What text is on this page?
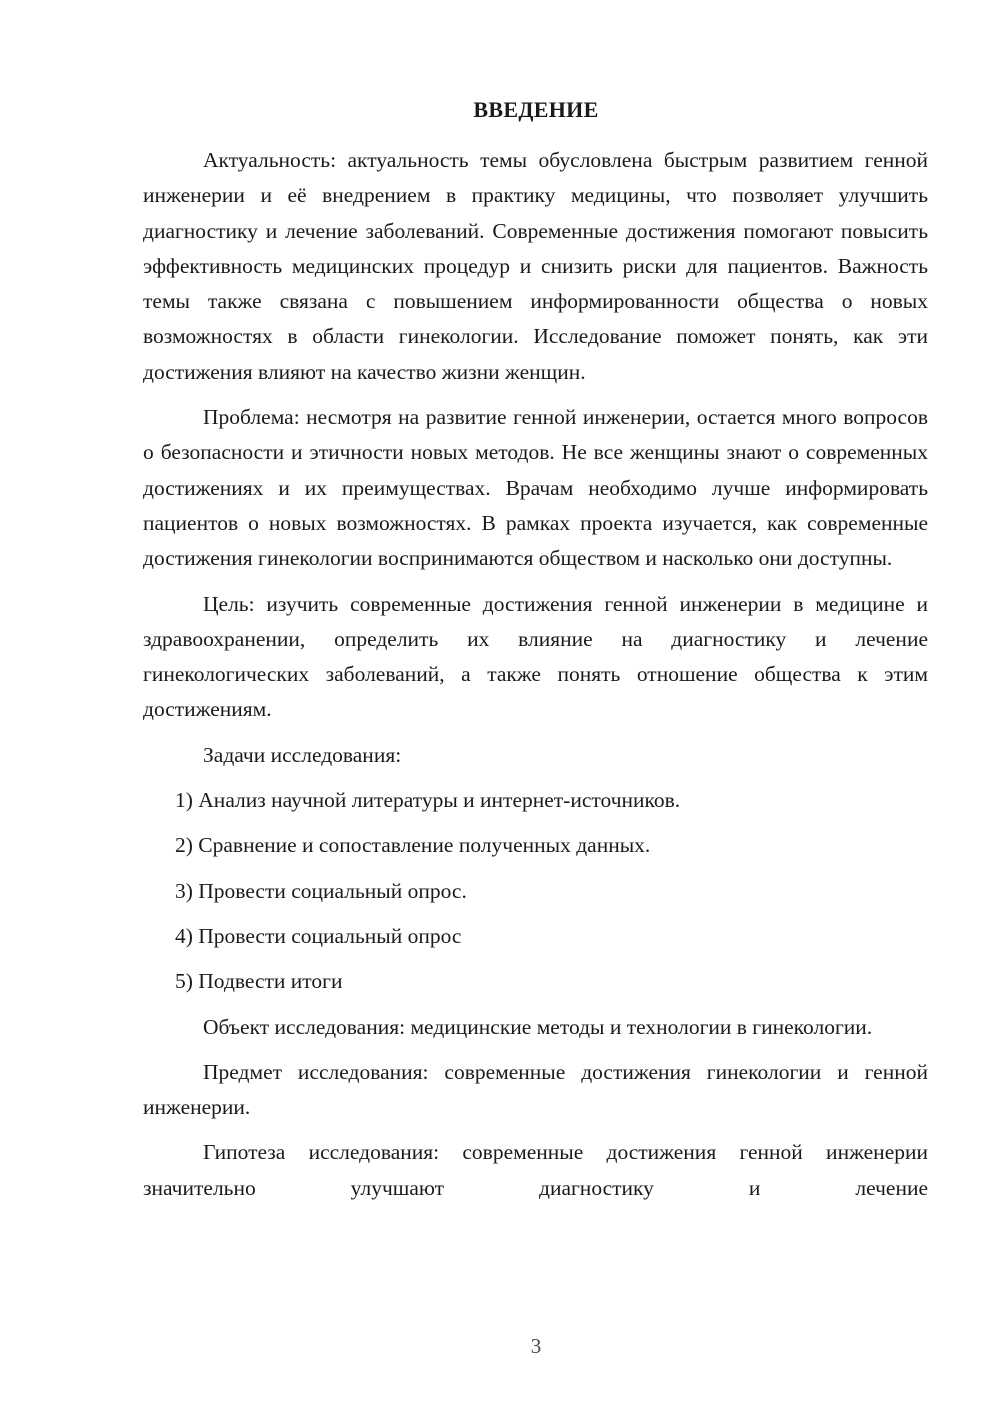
ВВЕДЕНИЕ

Актуальность: актуальность темы обусловлена быстрым развитием генной инженерии и её внедрением в практику медицины, что позволяет улучшить диагностику и лечение заболеваний. Современные достижения помогают повысить эффективность медицинских процедур и снизить риски для пациентов. Важность темы также связана с повышением информированности общества о новых возможностях в области гинекологии. Исследование поможет понять, как эти достижения влияют на качество жизни женщин.

Проблема: несмотря на развитие генной инженерии, остается много вопросов о безопасности и этичности новых методов. Не все женщины знают о современных достижениях и их преимуществах. Врачам необходимо лучше информировать пациентов о новых возможностях. В рамках проекта изучается, как современные достижения гинекологии воспринимаются обществом и насколько они доступны.

Цель: изучить современные достижения генной инженерии в медицине и здравоохранении, определить их влияние на диагностику и лечение гинекологических заболеваний, а также понять отношение общества к этим достижениям.

Задачи исследования:
1) Анализ научной литературы и интернет-источников.
2) Сравнение и сопоставление полученных данных.
3) Провести социальный опрос.
4) Провести социальный опрос
5) Подвести итоги

Объект исследования: медицинские методы и технологии в гинекологии.

Предмет исследования: современные достижения гинекологии и генной инженерии.

Гипотеза исследования: современные достижения генной инженерии значительно улучшают диагностику и лечение

3
